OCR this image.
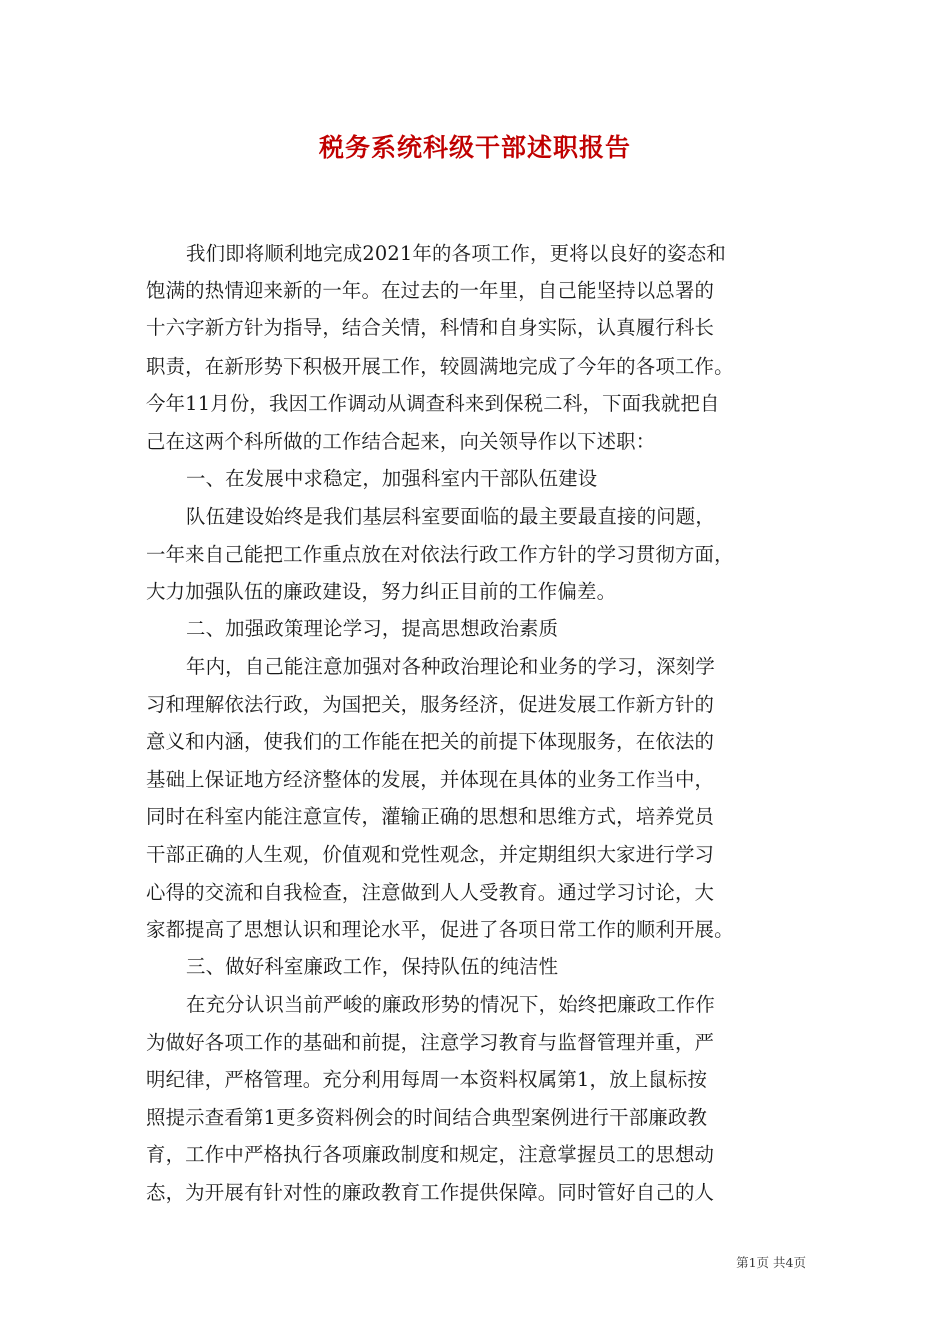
税务系统科级干部述职报告
我们即将顺利地完成2021年的各项工作，更将以良好的姿态和
饱满的热情迎来新的一年。在过去的一年里，自己能坚持以总署的
十六字新方针为指导，结合关情，科情和自身实际，认真履行科长
职责，在新形势下积极开展工作，较圆满地完成了今年的各项工作。
今年11月份，我因工作调动从调查科来到保税二科，下面我就把自
己在这两个科所做的工作结合起来，向关领导作以下述职：
一、在发展中求稳定，加强科室内干部队伍建设
队伍建设始终是我们基层科室要面临的最主要最直接的问题，
一年来自己能把工作重点放在对依法行政工作方针的学习贯彻方面，
大力加强队伍的廉政建设，努力纠正目前的工作偏差。
二、加强政策理论学习，提高思想政治素质
年内，自己能注意加强对各种政治理论和业务的学习，深刻学
习和理解依法行政，为国把关，服务经济，促进发展工作新方针的
意义和内涵，使我们的工作能在把关的前提下体现服务，在依法的
基础上保证地方经济整体的发展，并体现在具体的业务工作当中，
同时在科室内能注意宣传，灌输正确的思想和思维方式，培养党员
干部正确的人生观，价值观和党性观念，并定期组织大家进行学习
心得的交流和自我检查，注意做到人人受教育。通过学习讨论，大
家都提高了思想认识和理论水平，促进了各项日常工作的顺利开展。
三、做好科室廉政工作，保持队伍的纯洁性
在充分认识当前严峻的廉政形势的情况下，始终把廉政工作作
为做好各项工作的基础和前提，注意学习教育与监督管理并重，严
明纪律，严格管理。充分利用每周一本资料权属第1，放上鼠标按
照提示查看第1更多资料例会的时间结合典型案例进行干部廉政教
育，工作中严格执行各项廉政制度和规定，注意掌握员工的思想动
态，为开展有针对性的廉政教育工作提供保障。同时管好自己的人
第1页 共4页
